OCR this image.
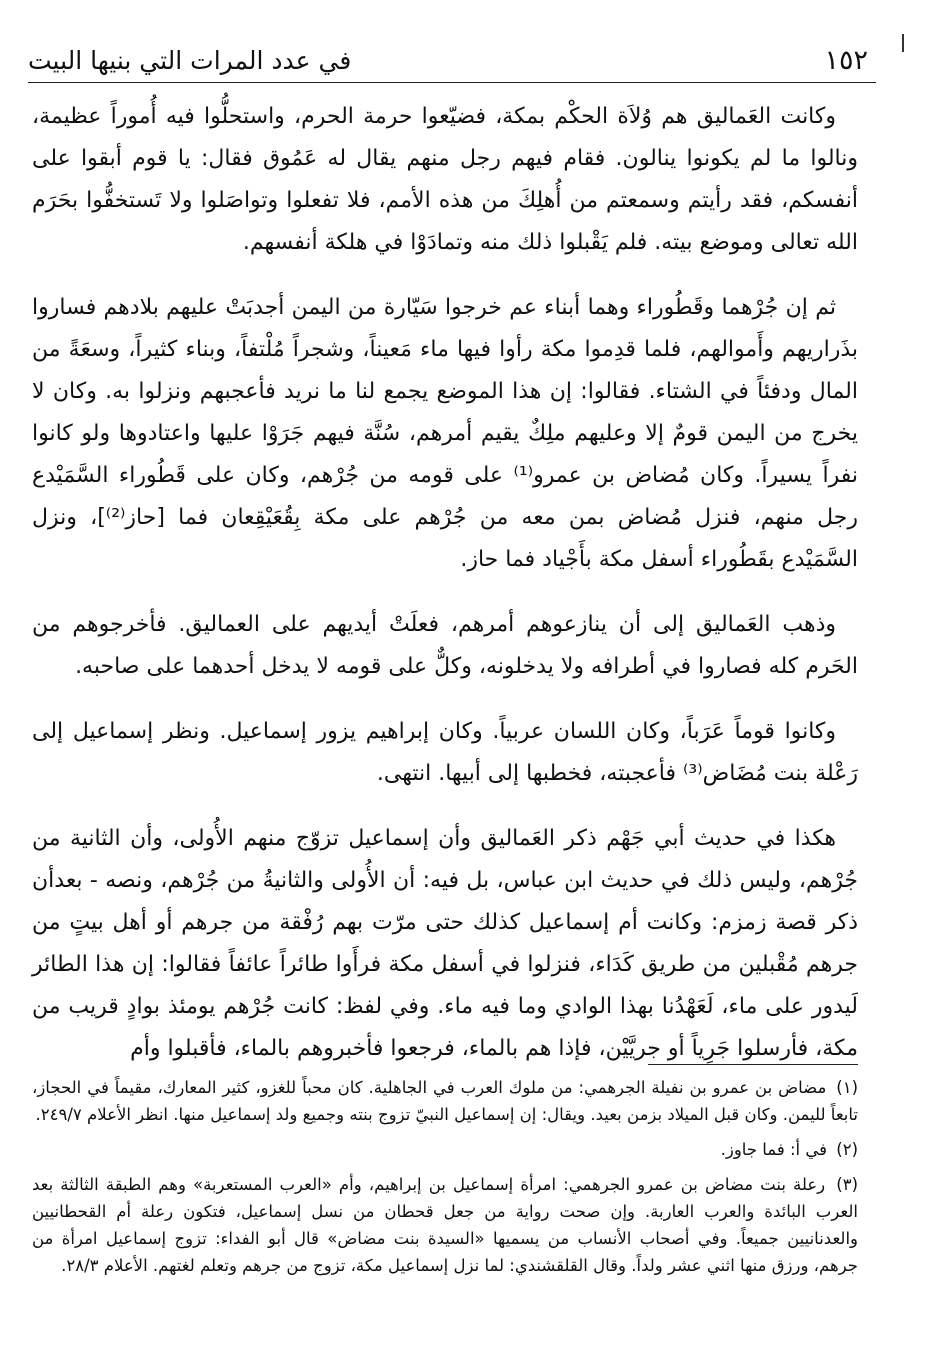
١٥٢
في عدد المرات التي بنيها البيت

وكانت العَماليق هم وُلاَة الحكْم بمكة، فضيّعوا حرمة الحرم، واستحلُّوا فيه أُموراً عظيمة، ونالوا ما لم يكونوا ينالون. فقام فيهم رجل منهم يقال له عَمُوق فقال: يا قوم أبقوا على أنفسكم، فقد رأيتم وسمعتم من أُهلِكَ من هذه الأمم، فلا تفعلوا وتواصَلوا ولا تَستخفُّوا بحَرَم الله تعالى وموضع بيته. فلم يَقْبلوا ذلك منه وتمادَوْا في هلكة أنفسهم.

ثم إن جُرْهما وقَطُوراء وهما أبناء عم خرجوا سَيّارة من اليمن أجدبَتْ عليهم بلادهم فساروا بذَراريهم وأَموالهم، فلما قدِموا مكة رأوا فيها ماء مَعيناً، وشجراً مُلْتفاً، وبناء كثيراً، وسعَةً من المال ودفئاً في الشتاء. فقالوا: إن هذا الموضع يجمع لنا ما نريد فأعجبهم ونزلوا به. وكان لا يخرج من اليمن قومٌ إلا وعليهم ملِكٌ يقيم أمرهم، سُنَّة فيهم جَرَوْا عليها واعتادوها ولو كانوا نفراً يسيراً. وكان مُضاض بن عمرو⁽¹⁾ على قومه من جُرْهم، وكان على قَطُوراء السَّمَيْدع رجل منهم، فنزل مُضاض بمن معه من جُرْهم على مكة بِقُعَيْقِعان فما [حاز⁽²⁾]، ونزل السَّمَيْدع بقَطُوراء أسفل مكة بأَجْياد فما حاز.

وذهب العَماليق إلى أن ينازعوهم أمرهم، فعلَتْ أيديهم على العماليق. فأخرجوهم من الحَرم كله فصاروا في أطرافه ولا يدخلونه، وكلٌّ على قومه لا يدخل أحدهما على صاحبه.

وكانوا قوماً عَرَباً، وكان اللسان عربياً. وكان إبراهيم يزور إسماعيل. ونظر إسماعيل إلى رَعْلة بنت مُضَاض⁽³⁾ فأعجبته، فخطبها إلى أبيها. انتهى.

هكذا في حديث أبي جَهْم ذكر العَماليق وأن إسماعيل تزوّج منهم الأُولى، وأن الثانية من جُرْهم، وليس ذلك في حديث ابن عباس، بل فيه: أن الأُولى والثانيةُ من جُرْهم، ونصه - بعدأن ذكر قصة زمزم: وكانت أم إسماعيل كذلك حتى مرّت بهم رُفْقة من جرهم أو أهل بيتٍ من جرهم مُقْبلين من طريق كَدَاء، فنزلوا في أسفل مكة فرأَوا طائراً عائفاً فقالوا: إن هذا الطائر لَيدور على ماء، لَعَهْدُنا بهذا الوادي وما فيه ماء. وفي لفظ: كانت جُرْهم يومئذ بوادٍ قريب من مكة، فأرسلوا جَرِياً أو جريَّيْن، فإذا هم بالماء، فرجعوا فأخبروهم بالماء، فأقبلوا وأم

(١) مضاض بن عمرو بن نفيلة الجرهمي: من ملوك العرب في الجاهلية. كان محباً للغزو، كثير المعارك، مقيماً في الحجاز، تابعاً لليمن. وكان قبل الميلاد بزمن بعيد. ويقال: إن إسماعيل النبيّ تزوج بنته وجميع ولد إسماعيل منها. انظر الأعلام ٢٤٩/٧.

(٢) في أ: فما جاوز.

(٣) رعلة بنت مضاض بن عمرو الجرهمي: امرأة إسماعيل بن إبراهيم، وأم «العرب المستعربة» وهم الطبقة الثالثة بعد العرب البائدة والعرب العاربة. وإن صحت رواية من جعل قحطان من نسل إسماعيل، فتكون رعلة أم القحطانيين والعدنانيين جميعاً. وفي أصحاب الأنساب من يسميها «السيدة بنت مضاض» قال أبو الفداء: تزوج إسماعيل امرأة من جرهم، ورزق منها اثني عشر ولداً. وقال القلقشندي: لما نزل إسماعيل مكة، تزوج من جرهم وتعلم لغتهم. الأعلام ٢٨/٣.
